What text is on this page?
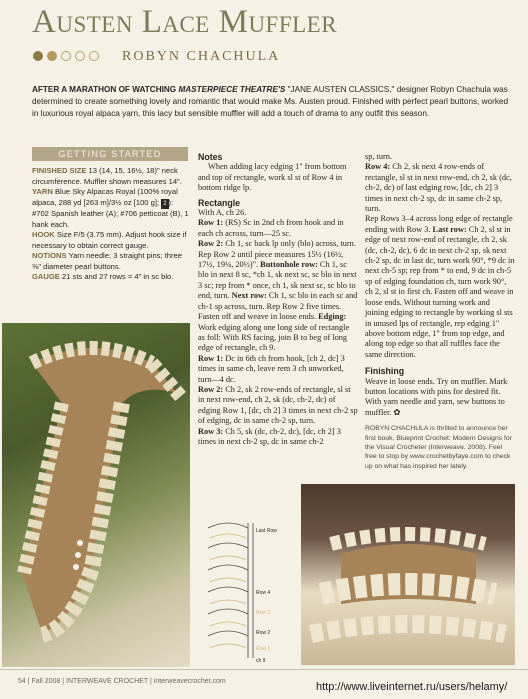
Austen Lace Muffler
ROBYN CHACHULA
AFTER A MARATHON OF WATCHING MASTERPIECE THEATRE'S "JANE AUSTEN CLASSICS," designer Robyn Chachula was determined to create something lovely and romantic that would make Ms. Austen proud. Finished with perfect pearl buttons, worked in luxurious royal alpaca yarn, this lacy but sensible muffler will add a touch of drama to any outfit this season.
GETTING STARTED
FINISHED SIZE 13 (14, 15, 16½, 18)" neck circumference. Muffler shown measures 14".
YARN Blue Sky Alpacas Royal (100% royal alpaca, 288 yd [263 m]/3½ oz [100 g]; 2 ): #702 Spanish leather (A); #706 petticoat (B), 1 hank each.
HOOK Size F/5 (3.75 mm). Adjust hook size if necessary to obtain correct gauge.
NOTIONS Yarn needle; 3 straight pins; three ⅜" diameter pearl buttons.
GAUGE 21 sts and 27 rows = 4" in sc blo.

Notes

When adding lacy edging 1" from bottom and top of rectangle, work sl st of Row 4 in bottom ridge lp.

Rectangle

With A, ch 26.

Row 1: (RS) Sc in 2nd ch from hook and in each ch across, turn—25 sc.

Row 2: Ch 1, sc back lp only (blo) across, turn.

Rep Row 2 until piece measures 15½ (16½, 17½, 19¼, 20½)". Buttonhole row: Ch 1, sc blo in next 8 sc, *ch 1, sk next sc, sc blo in next 3 sc; rep from * once, ch 1, sk next sc, sc blo to end, turn. Next row: Ch 1, sc blo in each sc and ch-1 sp across, turn. Rep Row 2 five times. Fasten off and weave in loose ends. Edging: Work edging along one long side of rectangle as foll: With RS facing, join B to beg of long edge of rectangle, ch 9.

Row 1: Dc in 6th ch from hook, [ch 2, dc] 3 times in same ch, leave rem 3 ch unworked, turn—4 dc.

Row 2: Ch 2, sk 2 row-ends of rectangle, sl st in next row-end, ch 2, sk (dc, ch-2, dc) of edging Row 1, [dc, ch 2] 3 times in next ch-2 sp of edging, dc in same ch-2 sp, turn.

Row 3: Ch 5, sk (dc, ch-2, dc), [dc, ch 2] 3 times in next ch-2 sp, dc in same ch-2

sp, turn.

Row 4: Ch 2, sk next 4 row-ends of rectangle, sl st in next row-end, ch 2, sk (dc, ch-2, dc) of last edging row, [dc, ch 2] 3 times in next ch-2 sp, dc in same ch-2 sp, turn.

Rep Rows 3–4 across long edge of rectangle ending with Row 3. Last row: Ch 2, sl st in edge of next row-end of rectangle, ch 2, sk (dc, ch-2, dc), 6 dc in next ch-2 sp, sk next ch-2 sp, dc in last dc, turn work 90°, *9 dc in next ch-5 sp; rep from * to end, 9 dc in ch-5 sp of edging foundation ch, turn work 90°, ch 2, sl st in first ch. Fasten off and weave in loose ends. Without turning work and joining edging to rectangle by working sl sts in unused lps of rectangle, rep edging 1" above bottom edge, 1" from top edge, and along top edge so that all ruffles face the same direction.

Finishing

Weave in loose ends. Try on muffler. Mark button locations with pins for desired fit. With yarn needle and yarn, sew buttons to muffler. ✿

ROBYN CHACHULA is thrilled to announce her first book, Blueprint Crochet: Modern Designs for the Visual Crocheter (Interweave, 2008). Feel free to stop by www.crochetbyfaye.com to check up on what has inspired her lately.

Last Row
Row 4
Row 3
Row 2
Row 1
ch 9
54 | Fall 2008 | INTERWEAVE CROCHET | interweavecrochet.com	http://www.liveinternet.ru/users/helamy/
